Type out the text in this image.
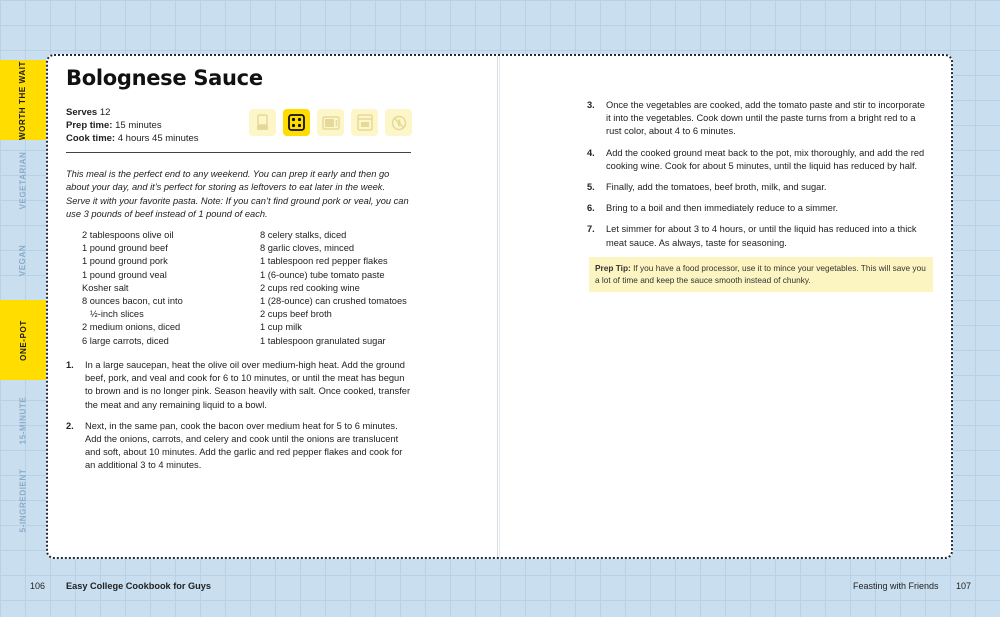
WORTH THE WAIT
VEGETARIAN
VEGAN
ONE-POT
15-MINUTE
5-INGREDIENT
Bolognese Sauce
Serves 12
Prep time: 15 minutes
Cook time: 4 hours 45 minutes
This meal is the perfect end to any weekend. You can prep it early and then go about your day, and it’s perfect for storing as leftovers to eat later in the week. Serve it with your favorite pasta. Note: If you can’t find ground pork or veal, you can use 3 pounds of beef instead of 1 pound of each.
2 tablespoons olive oil
1 pound ground beef
1 pound ground pork
1 pound ground veal
Kosher salt
8 ounces bacon, cut into
½-inch slices
2 medium onions, diced
6 large carrots, diced
8 celery stalks, diced
8 garlic cloves, minced
1 tablespoon red pepper flakes
1 (6-ounce) tube tomato paste
2 cups red cooking wine
1 (28-ounce) can crushed tomatoes
2 cups beef broth
1 cup milk
1 tablespoon granulated sugar
1. In a large saucepan, heat the olive oil over medium-high heat. Add the ground beef, pork, and veal and cook for 6 to 10 minutes, or until the meat has begun to brown and is no longer pink. Season heavily with salt. Once cooked, transfer the meat and any remaining liquid to a bowl.
2. Next, in the same pan, cook the bacon over medium heat for 5 to 6 minutes. Add the onions, carrots, and celery and cook until the onions are translucent and soft, about 10 minutes. Add the garlic and red pepper flakes and cook for an additional 3 to 4 minutes.
3. Once the vegetables are cooked, add the tomato paste and stir to incorporate it into the vegetables. Cook down until the paste turns from a bright red to a rust color, about 4 to 6 minutes.
4. Add the cooked ground meat back to the pot, mix thoroughly, and add the red cooking wine. Cook for about 5 minutes, until the liquid has reduced by half.
5. Finally, add the tomatoes, beef broth, milk, and sugar.
6. Bring to a boil and then immediately reduce to a simmer.
7. Let simmer for about 3 to 4 hours, or until the liquid has reduced into a thick meat sauce. As always, taste for seasoning.
Prep Tip: If you have a food processor, use it to mince your vegetables. This will save you a lot of time and keep the sauce smooth instead of chunky.
106 Easy College Cookbook for Guys	Feasting with Friends 107
